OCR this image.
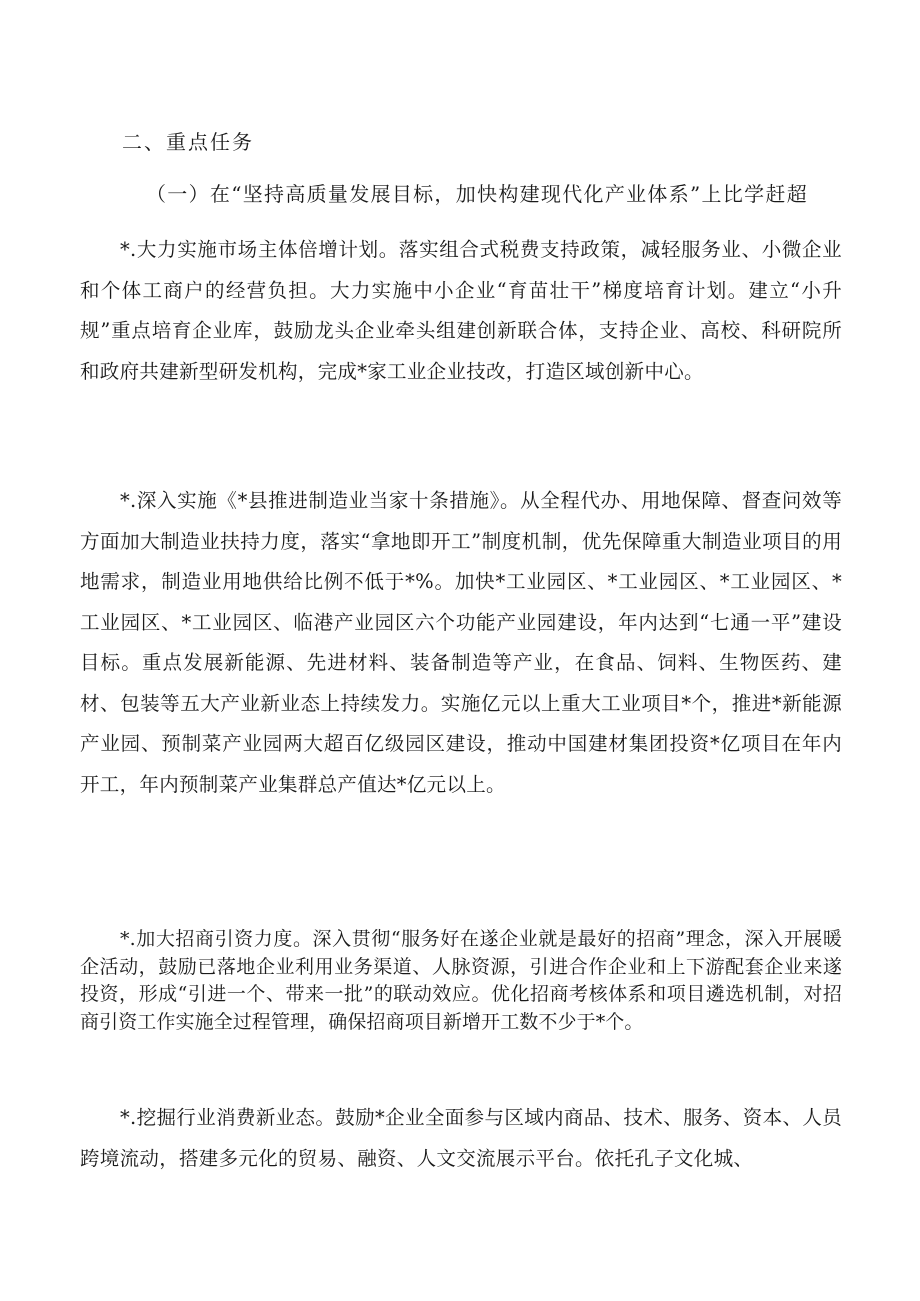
二、重点任务

（一）在“坚持高质量发展目标，加快构建现代化产业体系”上比学赶超

*.大力实施市场主体倍增计划。落实组合式税费支持政策，减轻服务业、小微企业和个体工商户的经营负担。大力实施中小企业“育苗壮干”梯度培育计划。建立“小升规”重点培育企业库，鼓励龙头企业牵头组建创新联合体，支持企业、高校、科研院所和政府共建新型研发机构，完成*家工业企业技改，打造区域创新中心。

*.深入实施《*县推进制造业当家十条措施》。从全程代办、用地保障、督查问效等方面加大制造业扶持力度，落实“拿地即开工”制度机制，优先保障重大制造业项目的用地需求，制造业用地供给比例不低于*%。加快*工业园区、*工业园区、*工业园区、*工业园区、*工业园区、临港产业园区六个功能产业园建设，年内达到“七通一平”建设目标。重点发展新能源、先进材料、装备制造等产业，在食品、饲料、生物医药、建材、包装等五大产业新业态上持续发力。实施亿元以上重大工业项目*个，推进*新能源产业园、预制菜产业园两大超百亿级园区建设，推动中国建材集团投资*亿项目在年内开工，年内预制菜产业集群总产值达*亿元以上。

*.加大招商引资力度。深入贯彻“服务好在遂企业就是最好的招商”理念，深入开展暖企活动，鼓励已落地企业利用业务渠道、人脉资源，引进合作企业和上下游配套企业来遂投资，形成“引进一个、带来一批”的联动效应。优化招商考核体系和项目遴选机制，对招商引资工作实施全过程管理，确保招商项目新增开工数不少于*个。

*.挖掘行业消费新业态。鼓励*企业全面参与区域内商品、技术、服务、资本、人员跨境流动，搭建多元化的贸易、融资、人文交流展示平台。依托孔子文化城、
